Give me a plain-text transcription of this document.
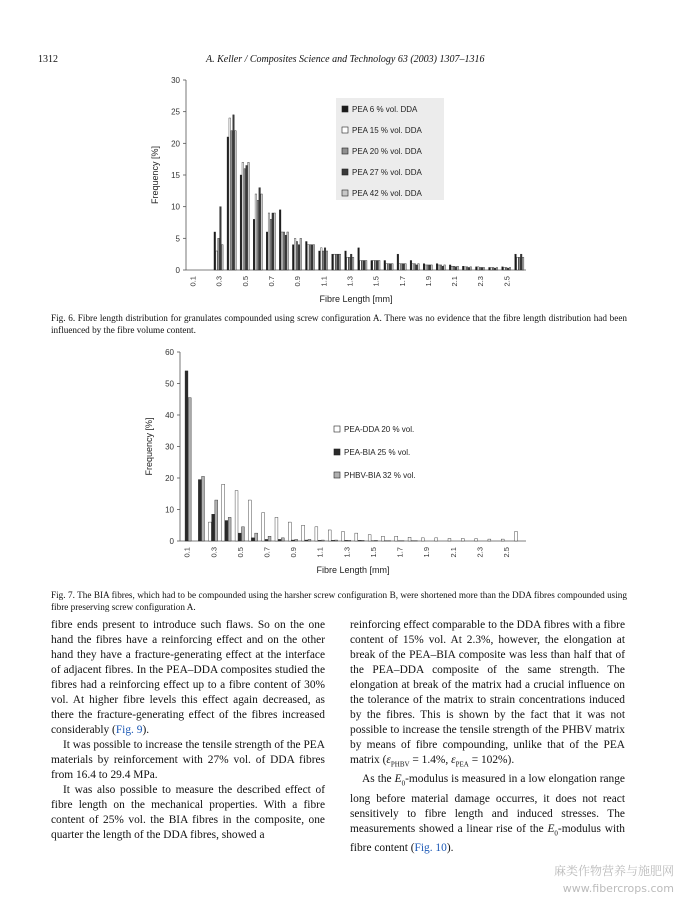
1312	A. Keller / Composites Science and Technology 63 (2003) 1307–1316
0
5
10
15
20
25
30
0.1 0.3 0.5 0.7 0.9 1.1 1.3 1.5 1.7 1.9 2.1 2.3 2.5
Fibre Length [mm]
Frequency [%]
PEA 6 % vol. DDA
PEA 15 % vol. DDA
PEA 20 % vol. DDA
PEA 27 % vol. DDA
PEA 42 % vol. DDA
Fig. 6. Fibre length distribution for granulates compounded using screw configuration A. There was no evidence that the fibre length distribution had been influenced by the fibre volume content.
0
10
20
30
40
50
60
0.1 0.3 0.5 0.7 0.9 1.1 1.3 1.5 1.7 1.9 2.1 2.3 2.5
Fibre Length [mm]
Frequency [%]	PEA-DDA 20 % vol.
PEA-BIA 25 % vol.
PHBV-BIA 32 % vol.
Fig. 7. The BIA fibres, which had to be compounded using the harsher screw configuration B, were shortened more than the DDA fibres compounded using fibre preserving screw configuration A.

fibre ends present to introduce such flaws. So on the one hand the fibres have a reinforcing effect and on the other hand they have a fracture-generating effect at the interface of adjacent fibres. In the PEA–DDA composites studied the fibres had a reinforcing effect up to a fibre content of 30% vol. At higher fibre levels this effect again decreased, as there the fracture-generating effect of the fibres increased considerably (Fig. 9).

It was possible to increase the tensile strength of the PEA materials by reinforcement with 27% vol. of DDA fibres from 16.4 to 29.4 MPa.

It was also possible to measure the described effect of fibre length on the mechanical properties. With a fibre content of 25% vol. the BIA fibres in the composite, one quarter the length of the DDA fibres, showed a

reinforcing effect comparable to the DDA fibres with a fibre content of 15% vol. At 2.3%, however, the elongation at break of the PEA–BIA composite was less than half that of the PEA–DDA composite of the same strength. The elongation at break of the matrix had a crucial influence on the tolerance of the matrix to strain concentrations induced by the fibres. This is shown by the fact that it was not possible to increase the tensile strength of the PHBV matrix by means of fibre compounding, unlike that of the PEA matrix ($\varepsilon_{PHBV} = 1.4\%$, $\varepsilon_{PEA} = 102\%$).

As the $E_0$-modulus is measured in a low elongation range long before material damage occurres, it does not react sensitively to fibre length and induced stresses. The measurements showed a linear rise of the $E_0$-modulus with fibre content (Fig. 10).

麻类作物营养与施肥网
www.fibercrops.com
